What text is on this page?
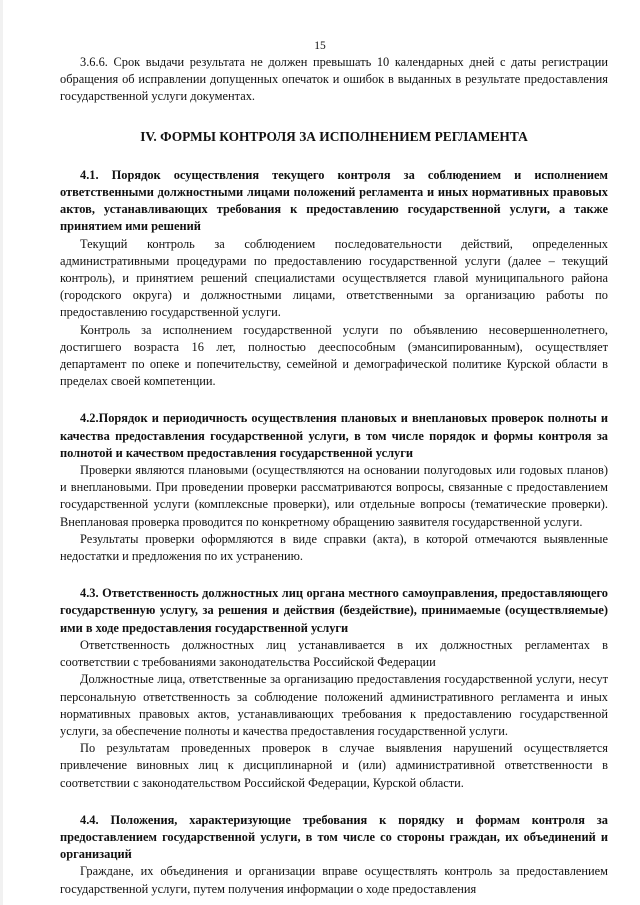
15

3.6.6. Срок выдачи результата не должен превышать 10 календарных дней с даты регистрации обращения об исправлении допущенных опечаток и ошибок в выданных в результате предоставления государственной услуги документах.

IV. ФОРМЫ КОНТРОЛЯ ЗА ИСПОЛНЕНИЕМ РЕГЛАМЕНТА

4.1. Порядок осуществления текущего контроля за соблюдением и исполнением ответственными должностными лицами положений регламента и иных нормативных правовых актов, устанавливающих требования к предоставлению государственной услуги, а также принятием ими решений

Текущий контроль за соблюдением последовательности действий, определенных административными процедурами по предоставлению государственной услуги (далее – текущий контроль), и принятием решений специалистами осуществляется главой муниципального района (городского округа) и должностными лицами, ответственными за организацию работы по предоставлению государственной услуги.

Контроль за исполнением государственной услуги по объявлению несовершеннолетнего, достигшего возраста 16 лет, полностью дееспособным (эмансипированным), осуществляет департамент по опеке и попечительству, семейной и демографической политике Курской области в пределах своей компетенции.

4.2.Порядок и периодичность осуществления плановых и внеплановых проверок полноты и качества предоставления государственной услуги, в том числе порядок и формы контроля за полнотой и качеством предоставления государственной услуги

Проверки являются плановыми (осуществляются на основании полугодовых или годовых планов) и внеплановыми. При проведении проверки рассматриваются вопросы, связанные с предоставлением государственной услуги (комплексные проверки), или отдельные вопросы (тематические проверки). Внеплановая проверка проводится по конкретному обращению заявителя государственной услуги.

Результаты проверки оформляются в виде справки (акта), в которой отмечаются выявленные недостатки и предложения по их устранению.

4.3. Ответственность должностных лиц органа местного самоуправления, предоставляющего государственную услугу, за решения и действия (бездействие), принимаемые (осуществляемые) ими в ходе предоставления государственной услуги

Ответственность должностных лиц устанавливается в их должностных регламентах в соответствии с требованиями законодательства Российской Федерации

Должностные лица, ответственные за организацию предоставления государственной услуги, несут персональную ответственность за соблюдение положений административного регламента и иных нормативных правовых актов, устанавливающих требования к предоставлению государственной услуги, за обеспечение полноты и качества предоставления государственной услуги.

По результатам проведенных проверок в случае выявления нарушений осуществляется привлечение виновных лиц к дисциплинарной и (или) административной ответственности в соответствии с законодательством Российской Федерации, Курской области.

4.4. Положения, характеризующие требования к порядку и формам контроля за предоставлением государственной услуги, в том числе со стороны граждан, их объединений и организаций

Граждане, их объединения и организации вправе осуществлять контроль за предоставлением государственной услуги, путем получения информации о ходе предоставления
